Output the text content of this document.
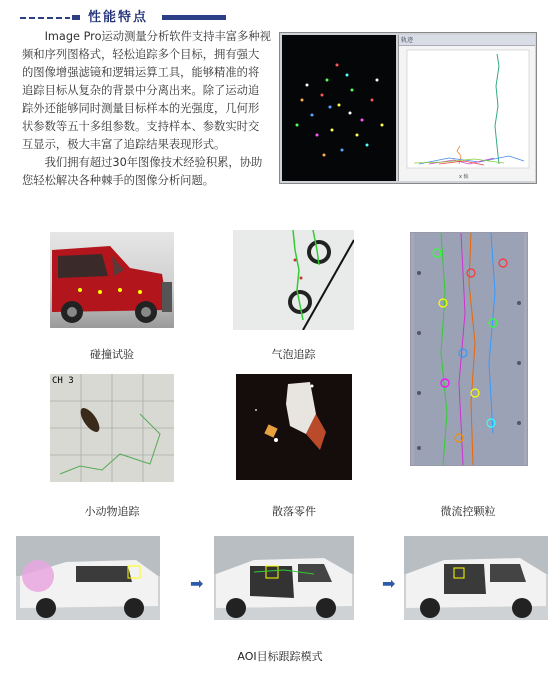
性能特点

Image Pro运动测量分析软件支持丰富多种视 频和序列图格式，轻松追踪多个目标，拥有强大 的图像增强滤镜和逻辑运算工具，能够精准的将 追踪目标从复杂的背景中分离出来。除了运动追 踪外还能够同时测量目标样本的光强度，几何形 状参数等五十多组参数。支持样本、参数实时交 互显示，极大丰富了追踪结果表现形式。

我们拥有超过30年图像技术经验积累，协助 您轻松解决各种棘手的图像分析问题。

轨迹
x 轴
碰撞试验	气泡追踪
CH 3
小动物追踪	散落零件	微流控颗粒
➡	➡
AOI目标跟踪模式
